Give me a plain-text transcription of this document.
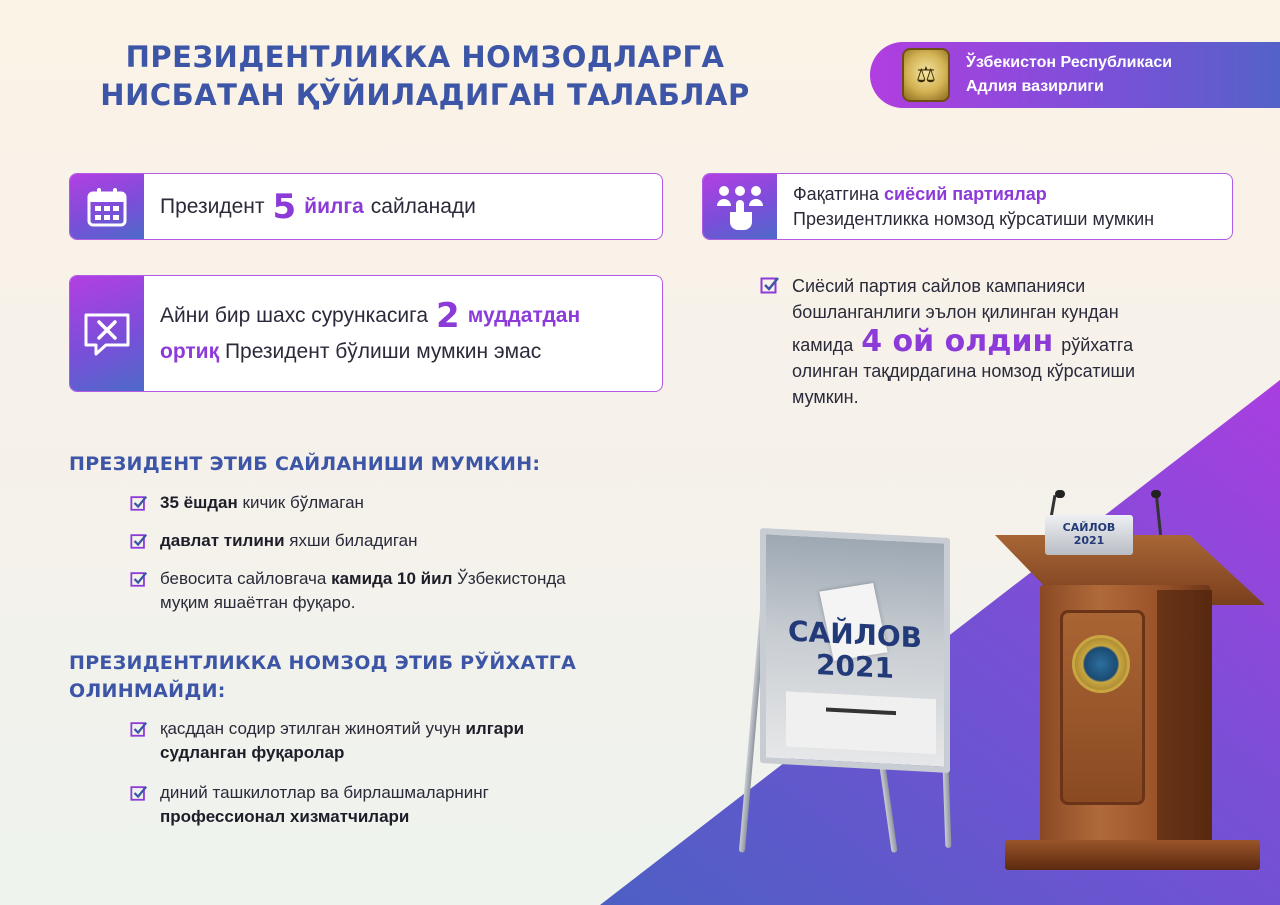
ПРЕЗИДЕНТЛИККА НОМЗОДЛАРГА
НИСБАТАН ҚЎЙИЛАДИГАН ТАЛАБЛАР
⚖	Ўзбекистон Республикаси
Адлия вазирлиги
Президент 5 йилга сайланади
Айни бир шахс сурункасига 2 муддатдан
ортиқ Президент бўлиши мумкин эмас
Фақатгина сиёсий партиялар
Президентликка номзод кўрсатиши мумкин
Сиёсий партия сайлов кампанияси
бошланганлиги эълон қилинган кундан
камида 4 ой олдин рўйхатга
олинган тақдирдагина номзод кўрсатиши
мумкин.
ПРЕЗИДЕНТ ЭТИБ САЙЛАНИШИ МУМКИН:
35 ёшдан кичик бўлмаган
давлат тилини яхши биладиган
бевосита сайловгача камида 10 йил Ўзбекистонда
муқим яшаётган фуқаро.
ПРЕЗИДЕНТЛИККА НОМЗОД ЭТИБ РЎЙХАТГА
ОЛИНМАЙДИ:
қасддан содир этилган жиноятий учун илгари
судланган фуқаролар
диний ташкилотлар ва бирлашмаларнинг
профессионал хизматчилари
САЙЛОВ
2021
САЙЛОВ
2021
